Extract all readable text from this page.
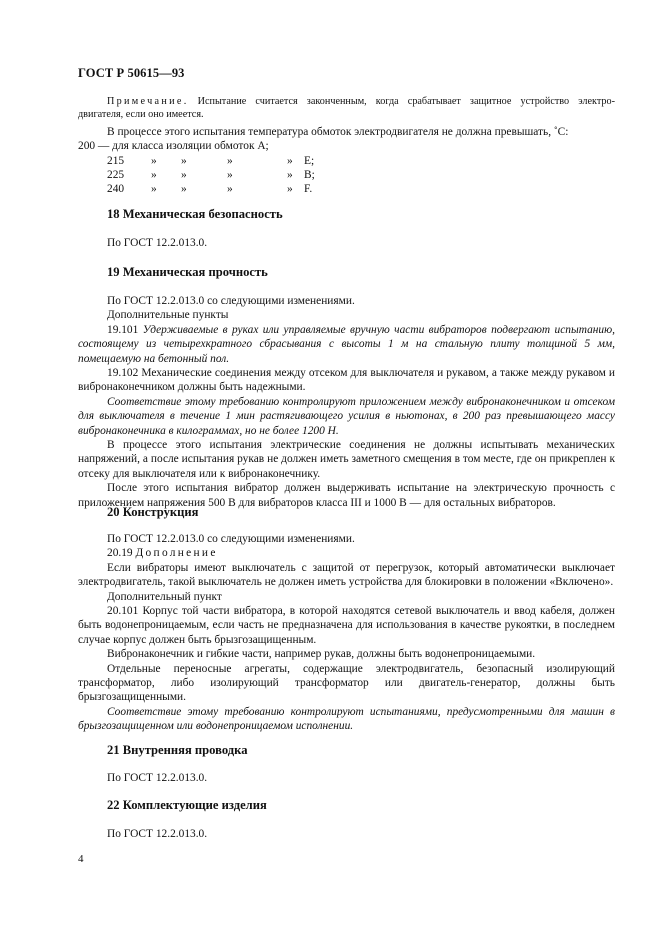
ГОСТ Р 50615—93

Примечание. Испытание считается законченным, когда срабатывает защитное устройство электро-

двигателя, если оно имеется.

В процессе этого испытания температура обмоток электродвигателя не должна превышать, ˚С:

200 — для класса изоляции обмоток А;

215 » »	»	» E;
225 » »	»	» B;
240 » »	»	» F.
18 Механическая безопасность

По ГОСТ 12.2.013.0.

19 Механическая прочность

По ГОСТ 12.2.013.0 со следующими изменениями.

Дополнительные пункты

19.101 Удерживаемые в руках или управляемые вручную части вибраторов подвергают испытанию, состоящему из четырехкратного сбрасывания с высоты 1 м на стальную плиту толщиной 5 мм, помещаемую на бетонный пол.

19.102 Механические соединения между отсеком для выключателя и рукавом, а также между рукавом и вибронаконечником должны быть надежными.

Соответствие этому требованию контролируют приложением между вибронаконечником и отсеком для выключателя в течение 1 мин растягивающего усилия в ньютонах, в 200 раз превышающего массу вибронаконечника в килограммах, но не более 1200 Н.

В процессе этого испытания электрические соединения не должны испытывать механических напряжений, а после испытания рукав не должен иметь заметного смещения в том месте, где он прикреплен к отсеку для выключателя или к вибронаконечнику.

После этого испытания вибратор должен выдерживать испытание на электрическую прочность с приложением напряжения 500 В для вибраторов класса III и 1000 В — для остальных вибраторов.

20 Конструкция

По ГОСТ 12.2.013.0 со следующими изменениями.

20.19 Дополнение

Если вибраторы имеют выключатель с защитой от перегрузок, который автоматически выключает электродвигатель, такой выключатель не должен иметь устройства для блокировки в положении «Включено».

Дополнительный пункт

20.101 Корпус той части вибратора, в которой находятся сетевой выключатель и ввод кабеля, должен быть водонепроницаемым, если часть не предназначена для использования в качестве рукоятки, в последнем случае корпус должен быть брызгозащищенным.

Вибронаконечник и гибкие части, например рукав, должны быть водонепроницаемыми.

Отдельные переносные агрегаты, содержащие электродвигатель, безопасный изолирующий трансформатор, либо изолирующий трансформатор или двигатель-генератор, должны быть брызгозащищенными.

Соответствие этому требованию контролируют испытаниями, предусмотренными для машин в брызгозащищенном или водонепроницаемом исполнении.

21 Внутренняя проводка

По ГОСТ 12.2.013.0.

22 Комплектующие изделия

По ГОСТ 12.2.013.0.

4
